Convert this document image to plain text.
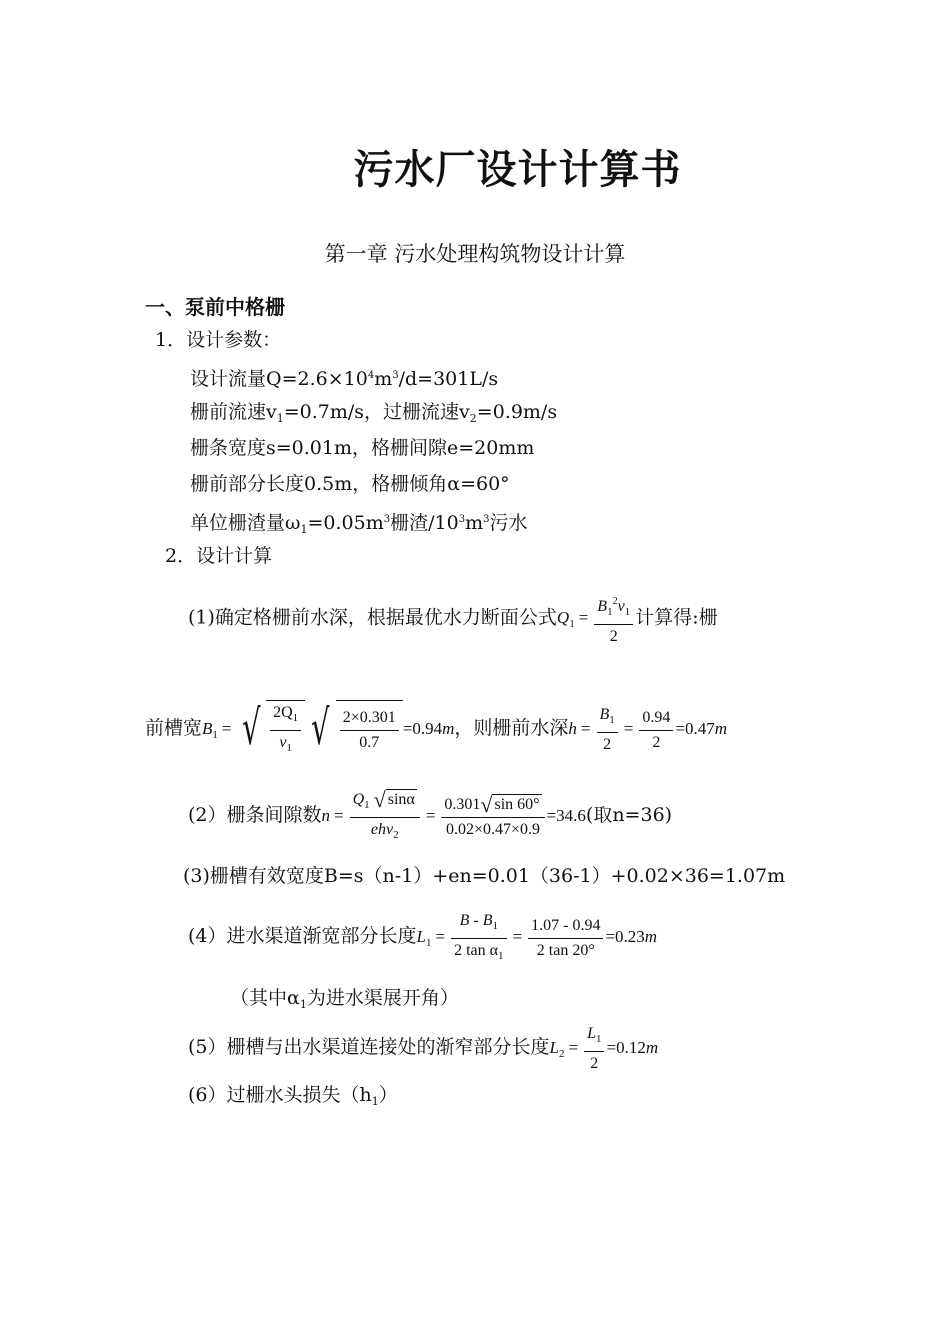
污水厂设计计算书
第一章 污水处理构筑物设计计算
一、泵前中格栅
1．设计参数：
设计流量$Q=2.6\times 10^4m^3/d=301L/s$
栅前流速$v_1=0.7m/s$，过栅流速$v_2=0.9m/s$
栅条宽度s=0.01m，格栅间隙e=20mm
栅前部分长度0.5m，格栅倾角α=60°
单位栅渣量$\omega_1=0.05m^3$栅渣$/10^3m^3$污水
2．设计计算
(1)确定格栅前水深，根据最优水力断面公式$Q_1 = \frac{B_1^2v_1}{2}$ 计算得:栅
前槽宽$B_1$ = √ $\frac{2Q_1}{v_1}$ √ $\frac{2\times 0.301}{0.7} =0.94m$，则栅前水深$h = \frac{B_1}{2} = \frac{0.94}{2} =0.47m$
(2）栅条间隙数$n = \frac{Q_1 √ \sin\alpha}{ehv_2} = \frac{0.301√ \sin 60^\circ}{0.02\times 0.47\times 0.9} =34.6$(取n=36)
(3)栅槽有效宽度B=s（n-1）+en=0.01（36-1）+0.02×36=1.07m
(4）进水渠道渐宽部分长度$L_1 = \frac{B - B_1}{2 \tan \alpha_1} = \frac{1.07 - 0.94}{2 \tan 20^\circ} =0.23m$
（其中$\alpha_1$为进水渠展开角）
(5）栅槽与出水渠道连接处的渐窄部分长度$L_2 = \frac{L_1}{2} =0.12m$
(6）过栅水头损失$(h_1)$
